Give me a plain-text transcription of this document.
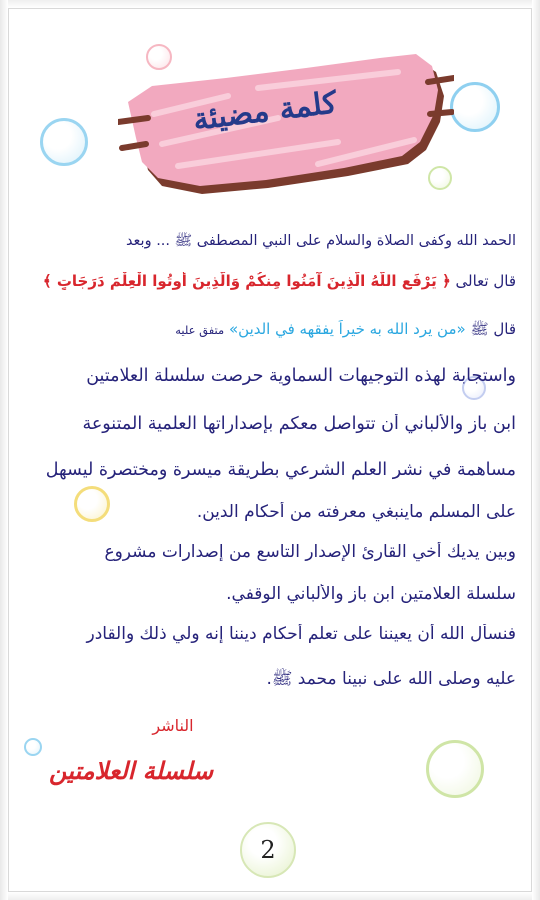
كلمة مضيئة

الحمد الله وكفى الصلاة والسلام على النبي المصطفى ﷺ ... وبعد

قال تعالى ﴿ يَرْفَعِ اللَّهُ الَّذِينَ آمَنُوا مِنكُمْ وَالَّذِينَ أُوتُوا الْعِلْمَ دَرَجَاتٍ ﴾

قال ﷺ «من يرد الله به خيراً يفقهه في الدين» متفق عليه

واستجابة لهذه التوجيهات السماوية حرصت سلسلة العلامتين

ابن باز والألباني أن تتواصل معكم بإصداراتها العلمية المتنوعة

مساهمة في نشر العلم الشرعي بطريقة ميسرة ومختصرة ليسهل

على المسلم ماينبغي معرفته من أحكام الدين.

وبين يديك أخي القارئ الإصدار التاسع من إصدارات مشروع

سلسلة العلامتين ابن باز والألباني الوقفي.

فنسأل الله أن يعيننا على تعلم أحكام ديننا إنه ولي ذلك والقادر

عليه وصلى الله على نبينا محمد ﷺ.

الناشر
سلسلة العلامتين
2
